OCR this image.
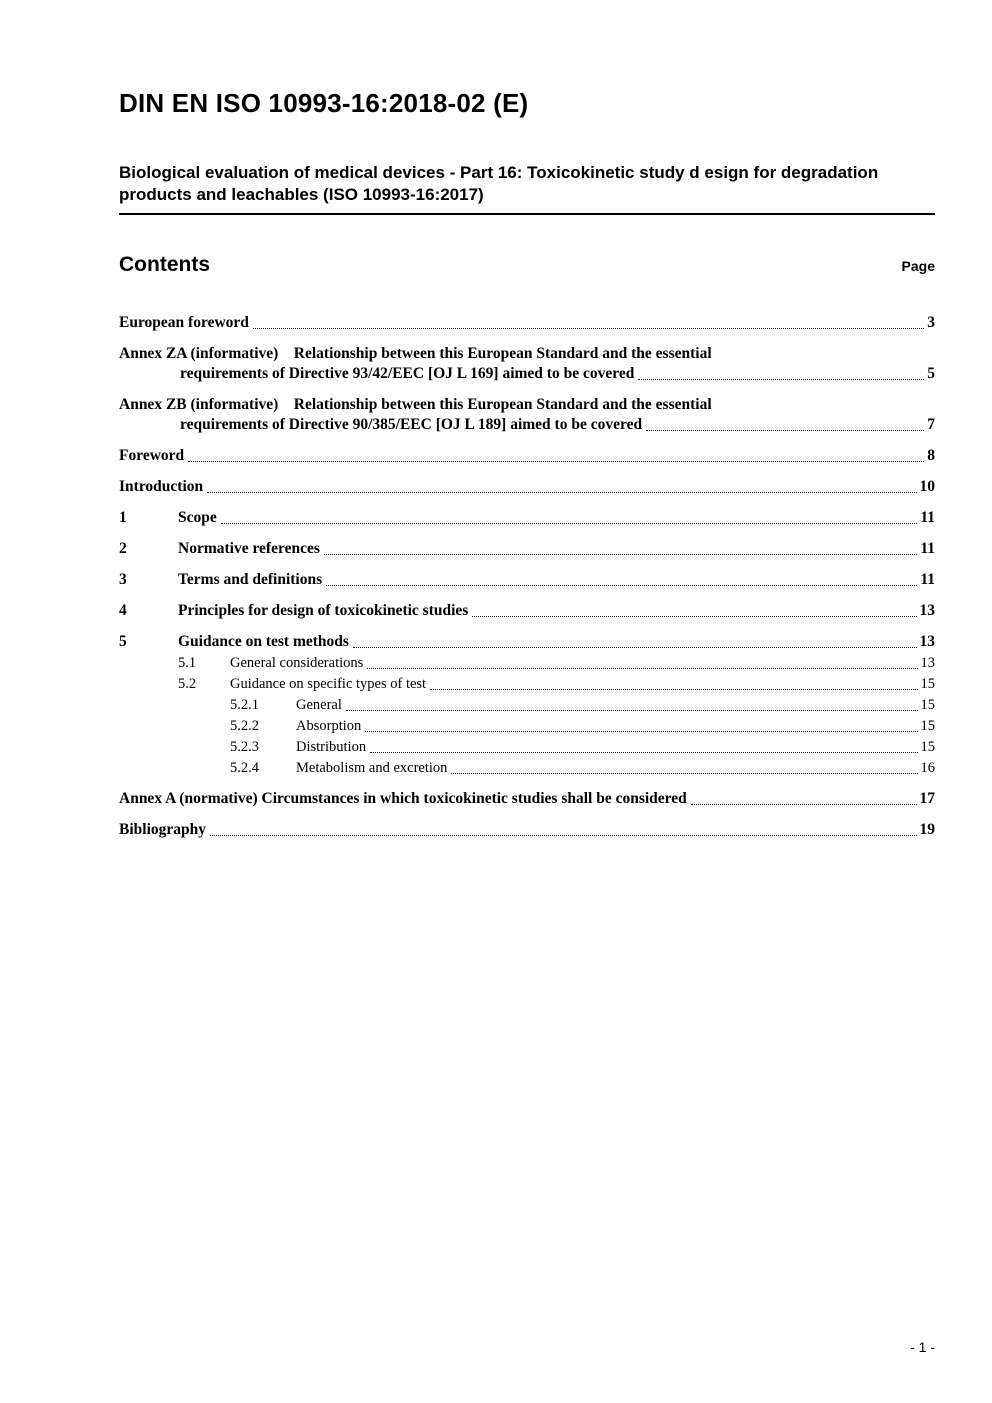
DIN EN ISO 10993-16:2018-02 (E)
Biological evaluation of medical devices - Part 16: Toxicokinetic study d esign for degradation products and leachables (ISO 10993-16:2017)
Contents	Page
European foreword	3
Annex ZA (informative) Relationship between this European Standard and the essential
requirements of Directive 93/42/EEC [OJ L 169] aimed to be covered	5
Annex ZB (informative) Relationship between this European Standard and the essential
requirements of Directive 90/385/EEC [OJ L 189] aimed to be covered	7
Foreword	8
Introduction	10
1	Scope	11
2	Normative references	11
3	Terms and definitions	11
4	Principles for design of toxicokinetic studies	13
5	Guidance on test methods	13
5.1	General considerations	13
5.2	Guidance on specific types of test	15
5.2.1	General	15
5.2.2	Absorption	15
5.2.3	Distribution	15
5.2.4	Metabolism and excretion	16
Annex A (normative) Circumstances in which toxicokinetic studies shall be considered	17
Bibliography	19
- 1 -
